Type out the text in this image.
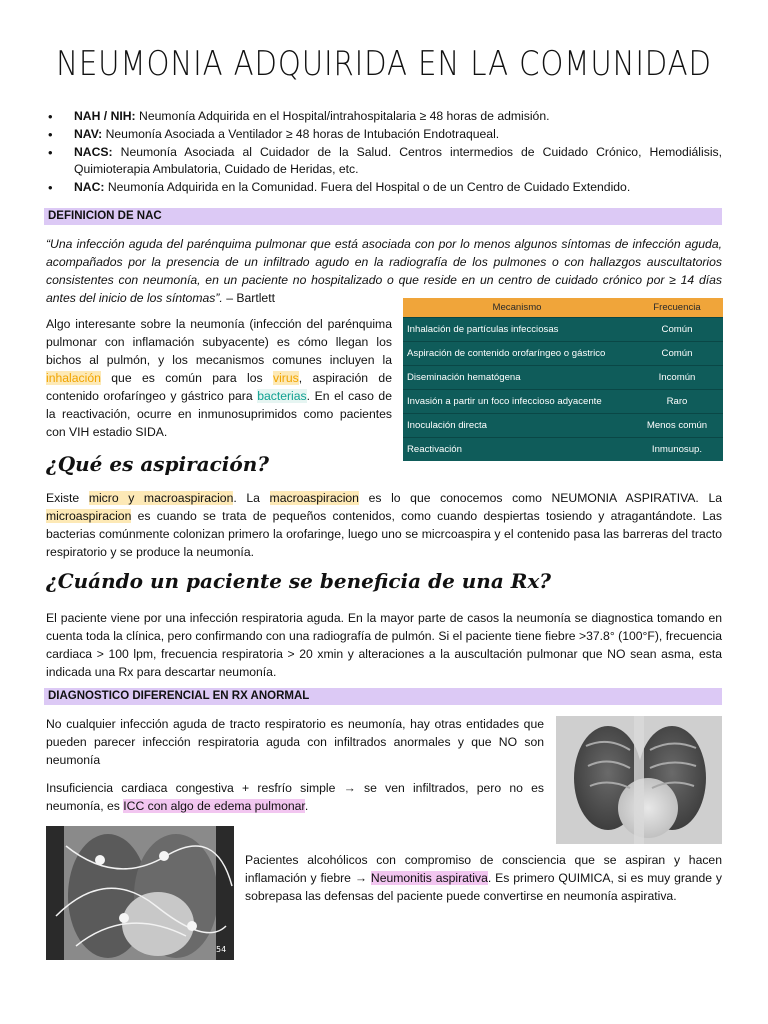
NEUMONIA ADQUIRIDA EN LA COMUNIDAD
• NAH / NIH: Neumonía Adquirida en el Hospital/intrahospitalaria ≥ 48 horas de admisión.
• NAV: Neumonía Asociada a Ventilador ≥ 48 horas de Intubación Endotraqueal.
• NACS: Neumonía Asociada al Cuidador de la Salud. Centros intermedios de Cuidado Crónico, Hemodiálisis, Quimioterapia Ambulatoria, Cuidado de Heridas, etc.
• NAC: Neumonía Adquirida en la Comunidad. Fuera del Hospital o de un Centro de Cuidado Extendido.
DEFINICION DE NAC
“Una infección aguda del parénquima pulmonar que está asociada con por lo menos algunos síntomas de infección aguda, acompañados por la presencia de un infiltrado agudo en la radiografía de los pulmones o con hallazgos auscultatorios consistentes con neumonía, en un paciente no hospitalizado o que reside en un centro de cuidado crónico por ≥ 14 días antes del inicio de los síntomas”. – Bartlett
Algo interesante sobre la neumonía (infección del parénquima pulmonar con inflamación subyacente) es cómo llegan los bichos al pulmón, y los mecanismos comunes incluyen la inhalación que es común para los virus, aspiración de contenido orofaríngeo y gástrico para bacterias. En el caso de la reactivación, ocurre en inmunosuprimidos como pacientes con VIH estadio SIDA.
Mecanismo	Frecuencia
Inhalación de partículas infecciosas	Común
Aspiración de contenido orofaríngeo o gástrico	Común
Diseminación hematógena	Incomún
Invasión a partir un foco infeccioso adyacente	Raro
Inoculación directa	Menos común
Reactivación	Inmunosup.
¿Qué es aspiración?
Existe micro y macroaspiracion. La macroaspiracion es lo que conocemos como NEUMONIA ASPIRATIVA. La microaspiracion es cuando se trata de pequeños contenidos, como cuando despiertas tosiendo y atragantándote. Las bacterias comúnmente colonizan primero la orofaringe, luego uno se micrcoaspira y el contenido pasa las barreras del tracto respiratorio y se produce la neumonía.
¿Cuándo un paciente se beneficia de una Rx?
El paciente viene por una infección respiratoria aguda. En la mayor parte de casos la neumonía se diagnostica tomando en cuenta toda la clínica, pero confirmando con una radiografía de pulmón. Si el paciente tiene fiebre >37.8° (100°F), frecuencia cardiaca > 100 lpm, frecuencia respiratoria > 20 xmin y alteraciones a la auscultación pulmonar que NO sean asma, esta indicada una Rx para descartar neumonía.
DIAGNOSTICO DIFERENCIAL EN RX ANORMAL
No cualquier infección aguda de tracto respiratorio es neumonía, hay otras entidades que pueden parecer infección respiratoria aguda con infiltrados anormales y que NO son neumonía
Insuficiencia cardiaca congestiva + resfrío simple → se ven infiltrados, pero no es neumonía, es ICC con algo de edema pulmonar.
54
Pacientes alcohólicos con compromiso de consciencia que se aspiran y hacen inflamación y fiebre → Neumonitis aspirativa. Es primero QUIMICA, si es muy grande y sobrepasa las defensas del paciente puede convertirse en neumonía aspirativa.
